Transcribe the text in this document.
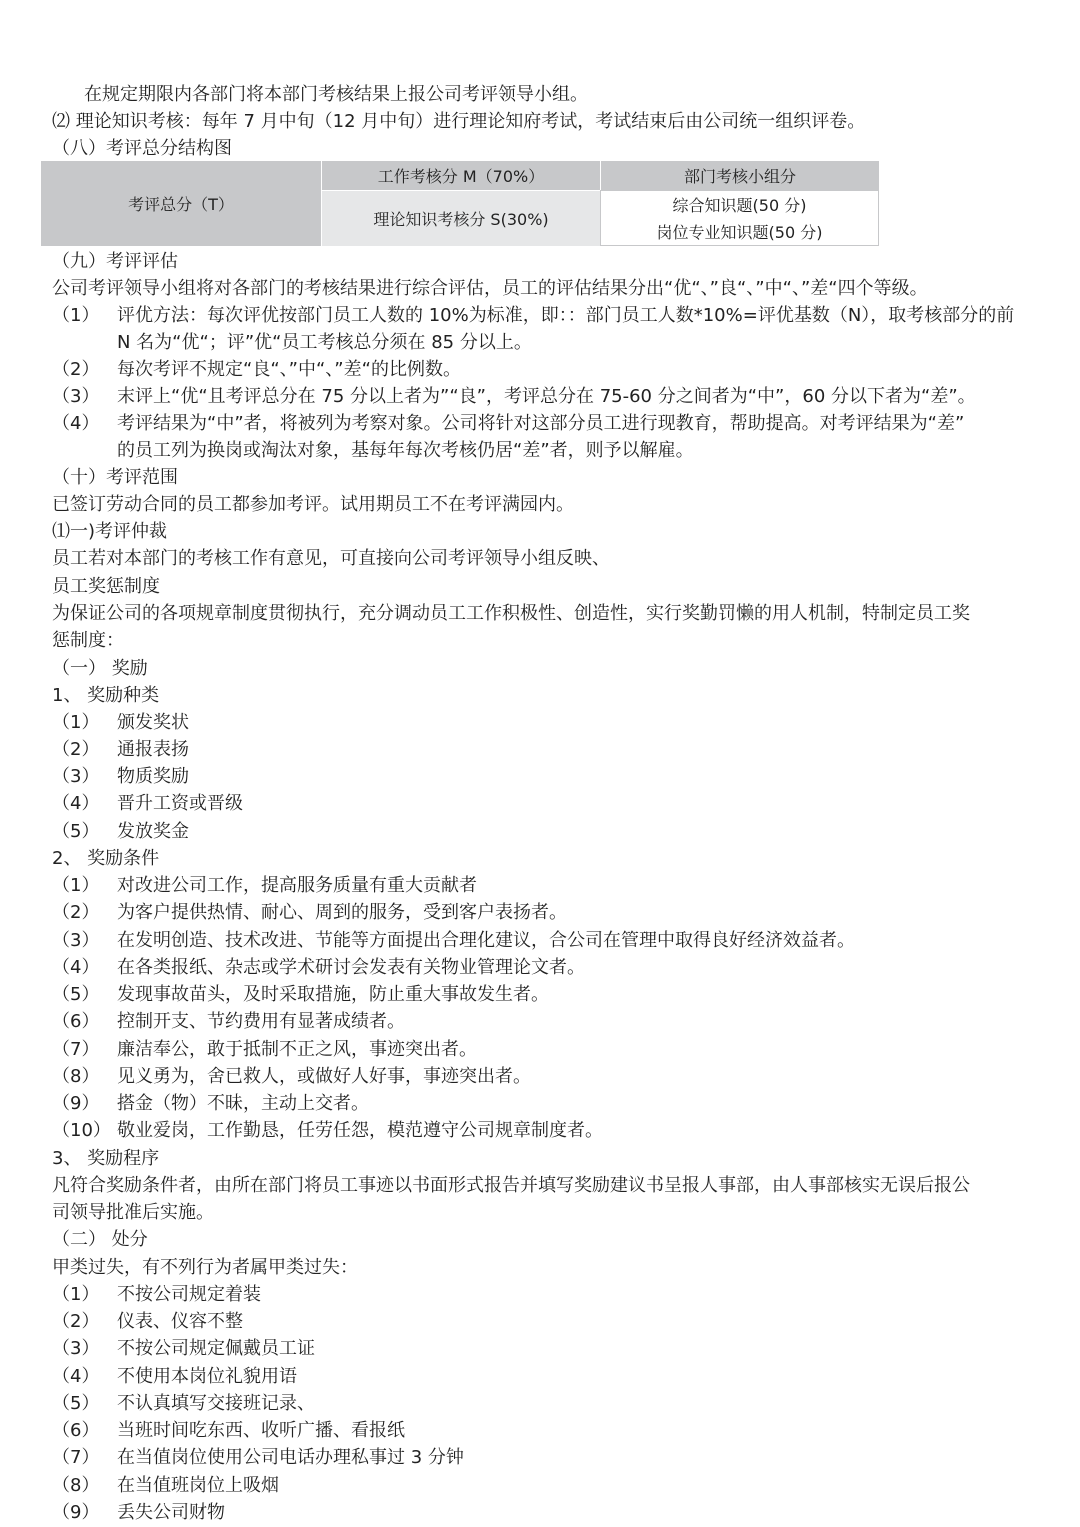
在规定期限内各部门将本部门考核结果上报公司考评领导小组。
⑵ 理论知识考核：每年 7 月中旬（12 月中旬）进行理论知府考试，考试结束后由公司统一组织评卷。
（八）考评总分结构图
考评总分（T）
工作考核分 M（70%）	部门考核小组分
理论知识考核分 S(30%)
综合知识题(50 分)
岗位专业知识题(50 分)
（九）考评评估
公司考评领导小组将对各部门的考核结果进行综合评估，员工的评估结果分出“优“、”良“、”中“、”差“四个等级。
（1） 评优方法：每次评优按部门员工人数的 10%为标准，即：：部门员工人数*10%=评优基数（N），取考核部分的前
N 名为“优“；评”优“员工考核总分须在 85 分以上。
（2） 每次考评不规定“良“、”中“、”差“的比例数。
（3） 末评上“优“且考评总分在 75 分以上者为”“良”，考评总分在 75-60 分之间者为“中”，60 分以下者为“差”。
（4） 考评结果为“中”者，将被列为考察对象。公司将针对这部分员工进行现教育，帮助提高。对考评结果为“差”
的员工列为换岗或淘汰对象，基每年每次考核仍居“差”者，则予以解雇。
（十）考评范围
已签订劳动合同的员工都参加考评。试用期员工不在考评满园内。
⑴一)考评仲裁
员工若对本部门的考核工作有意见，可直接向公司考评领导小组反映、
员工奖惩制度
为保证公司的各项规章制度贯彻执行，充分调动员工工作积极性、创造性，实行奖勤罚懒的用人机制，特制定员工奖
惩制度：
（一） 奖励
1、 奖励种类
（1） 颁发奖状
（2） 通报表扬
（3） 物质奖励
（4） 晋升工资或晋级
（5） 发放奖金
2、 奖励条件
（1） 对改进公司工作，提高服务质量有重大贡献者
（2） 为客户提供热情、耐心、周到的服务，受到客户表扬者。
（3） 在发明创造、技术改进、节能等方面提出合理化建议，合公司在管理中取得良好经济效益者。
（4） 在各类报纸、杂志或学术研讨会发表有关物业管理论文者。
（5） 发现事故苗头，及时采取措施，防止重大事故发生者。
（6） 控制开支、节约费用有显著成绩者。
（7） 廉洁奉公，敢于抵制不正之风，事迹突出者。
（8） 见义勇为，舍已救人，或做好人好事，事迹突出者。
（9） 搭金（物）不昧，主动上交者。
（10） 敬业爱岗，工作勤恳，任劳任怨，模范遵守公司规章制度者。
3、 奖励程序
凡符合奖励条件者，由所在部门将员工事迹以书面形式报告并填写奖励建议书呈报人事部，由人事部核实无误后报公
司领导批准后实施。
（二） 处分
甲类过失，有不列行为者属甲类过失：
（1） 不按公司规定着装
（2） 仪表、仪容不整
（3） 不按公司规定佩戴员工证
（4） 不使用本岗位礼貌用语
（5） 不认真填写交接班记录、
（6） 当班时间吃东西、收听广播、看报纸
（7） 在当值岗位使用公司电话办理私事过 3 分钟
（8） 在当值班岗位上吸烟
（9） 丢失公司财物
